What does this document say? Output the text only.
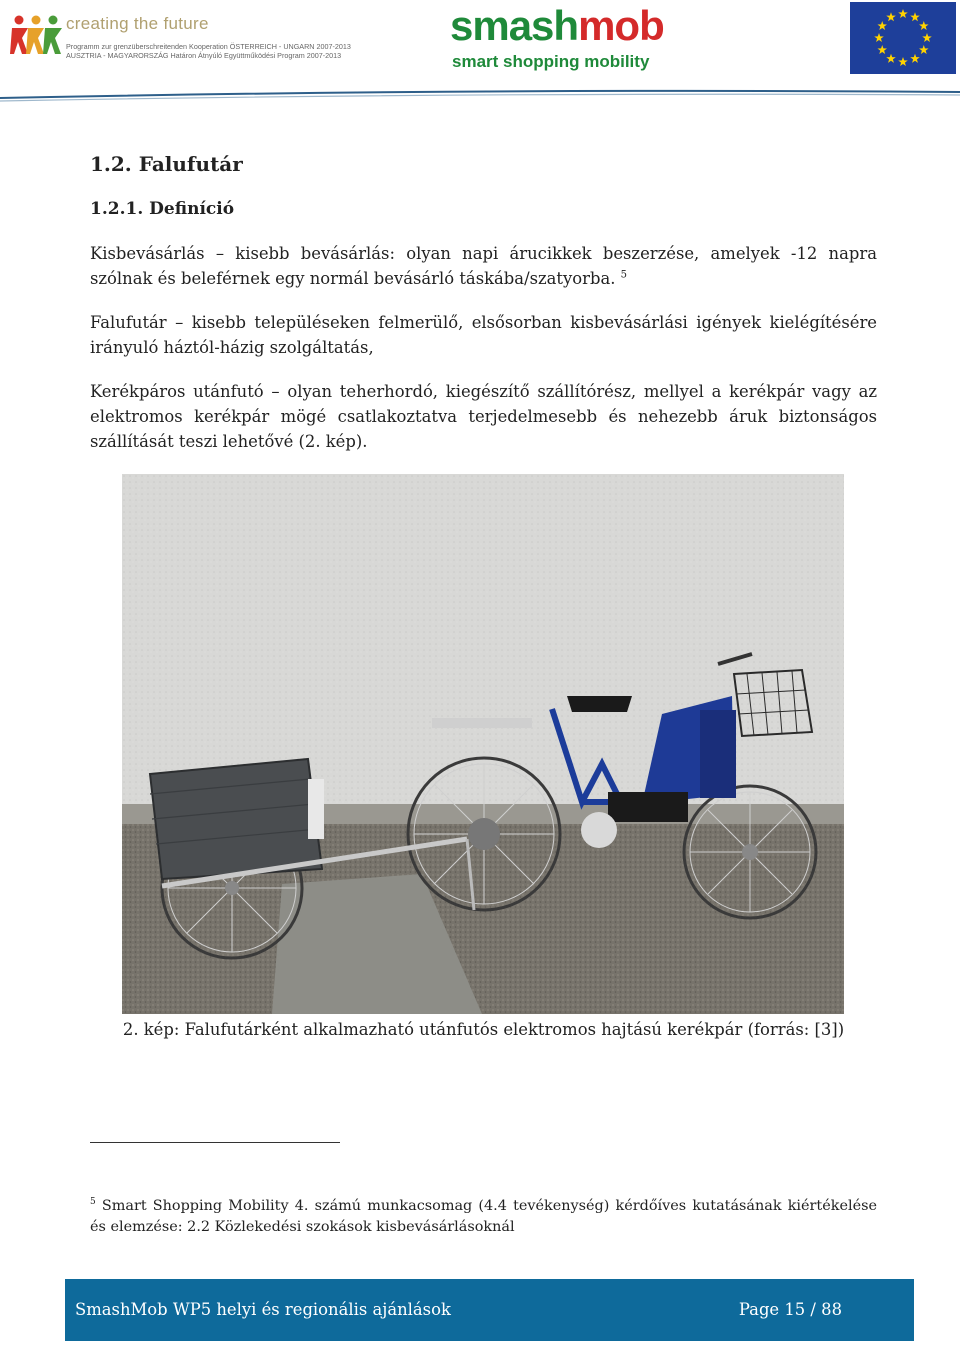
creating the future
Programm zur grenzüberschreitenden Kooperation ÖSTERREICH - UNGARN 2007-2013
AUSZTRIA - MAGYARORSZÁG Határon Átnyúló Együttműködési Program 2007-2013
smashmob
smart shopping mobility
1.2. Falufutár
1.2.1. Definíció

Kisbevásárlás – kisebb bevásárlás: olyan napi árucikkek beszerzése, amelyek -12 napra szólnak és beleférnek egy normál bevásárló táskába/szatyorba. $^5$

Falufutár – kisebb településeken felmerülő, elsősorban kisbevásárlási igények kielégítésére irányuló háztól-házig szolgáltatás,

Kerékpáros utánfutó – olyan teherhordó, kiegészítő szállítórész, mellyel a kerékpár vagy az elektromos kerékpár mögé csatlakoztatva terjedelmesebb és nehezebb áruk biztonságos szállítását teszi lehetővé (2. kép).

2. kép: Falufutárként alkalmazható utánfutós elektromos hajtású kerékpár (forrás: [3])

$^5$ Smart Shopping Mobility 4. számú munkacsomag (4.4 tevékenység) kérdőíves kutatásának kiértékelése és elemzése: 2.2 Közlekedési szokások kisbevásárlásoknál

SmashMob WP5 helyi és regionális ajánlások	Page 15 / 88
